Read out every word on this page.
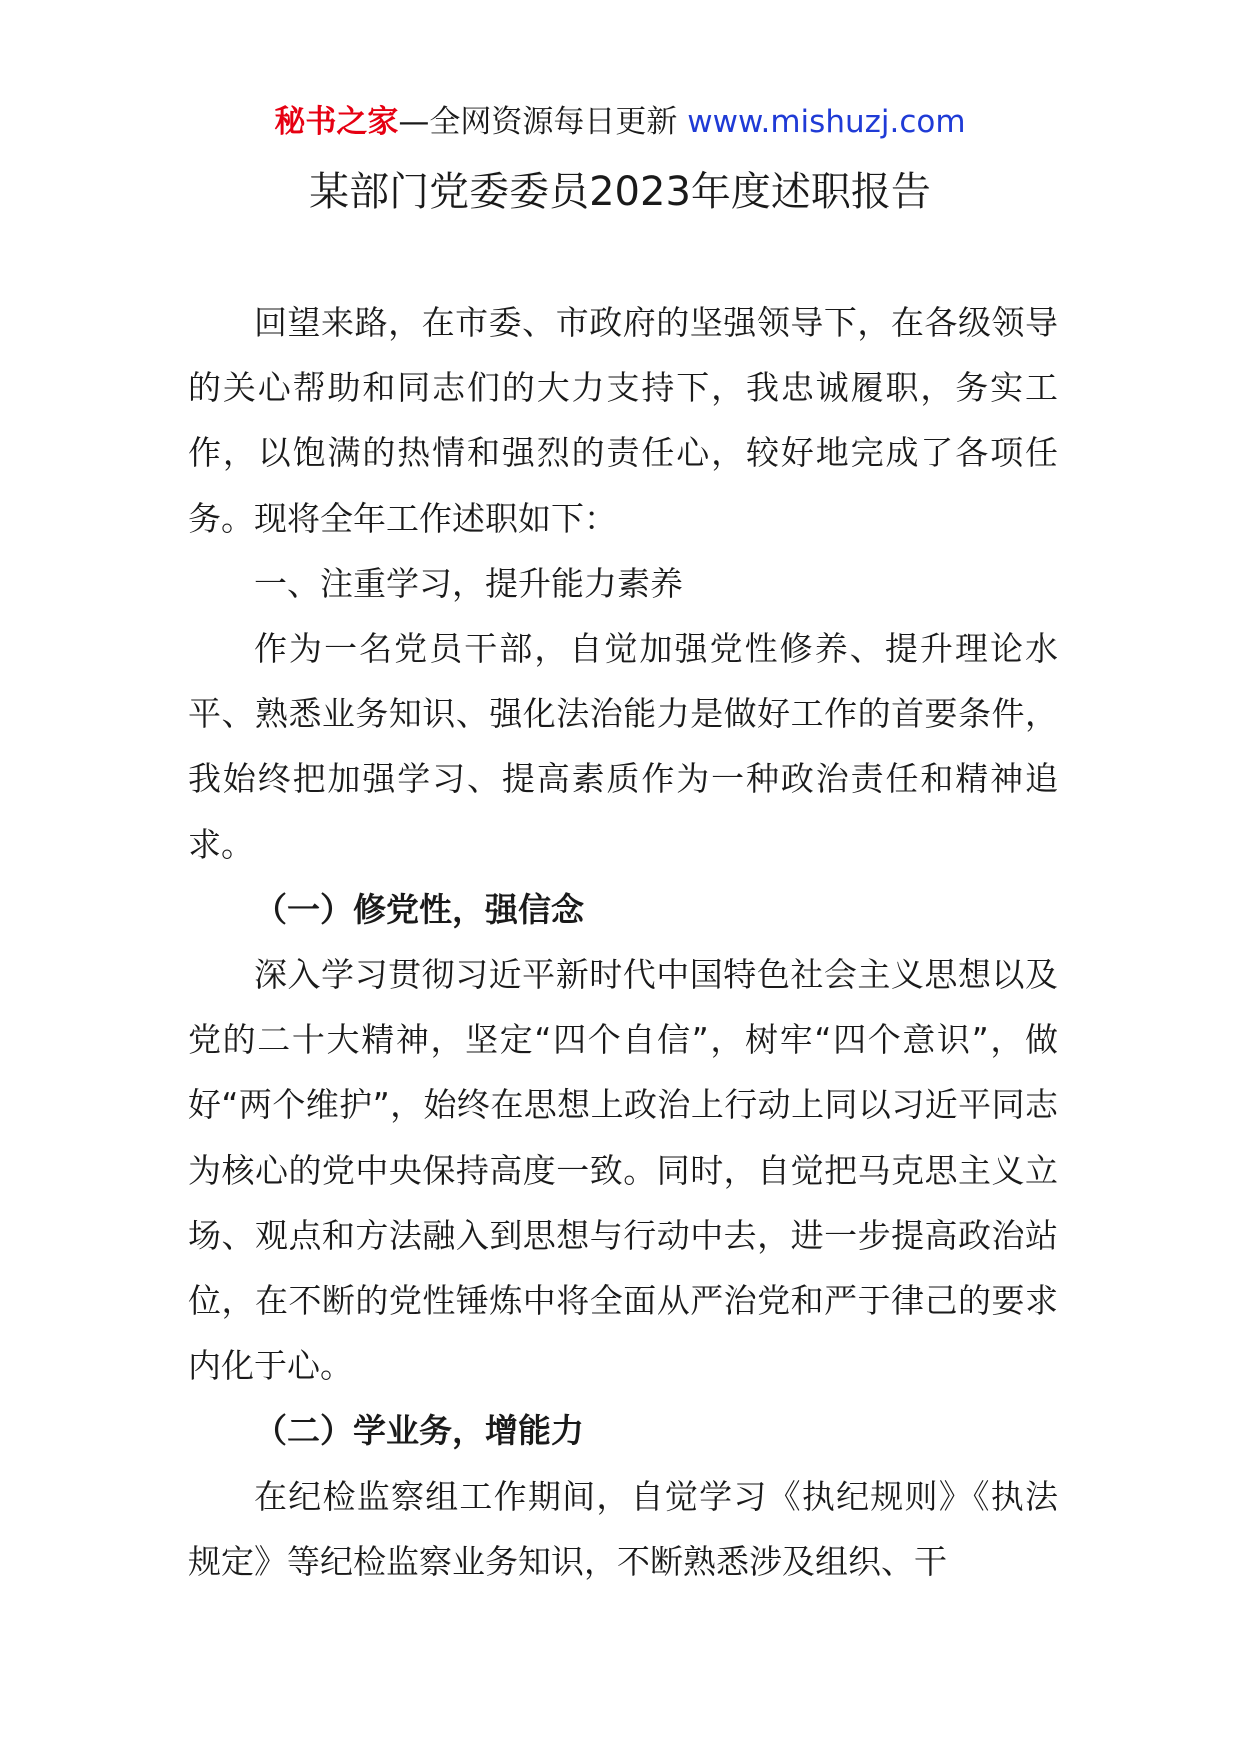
秘书之家—全网资源每日更新 www.mishuzj.com
某部门党委委员2023年度述职报告

回望来路，在市委、市政府的坚强领导下，在各级领导的关心帮助和同志们的大力支持下，我忠诚履职，务实工作，以饱满的热情和强烈的责任心，较好地完成了各项任务。现将全年工作述职如下：

一、注重学习，提升能力素养

作为一名党员干部，自觉加强党性修养、提升理论水平、熟悉业务知识、强化法治能力是做好工作的首要条件，我始终把加强学习、提高素质作为一种政治责任和精神追求。

（一）修党性，强信念

深入学习贯彻习近平新时代中国特色社会主义思想以及党的二十大精神，坚定“四个自信”，树牢“四个意识”，做好“两个维护”，始终在思想上政治上行动上同以习近平同志为核心的党中央保持高度一致。同时，自觉把马克思主义立场、观点和方法融入到思想与行动中去，进一步提高政治站位，在不断的党性锤炼中将全面从严治党和严于律己的要求内化于心。

（二）学业务，增能力

在纪检监察组工作期间，自觉学习《执纪规则》《执法规定》等纪检监察业务知识，不断熟悉涉及组织、干
